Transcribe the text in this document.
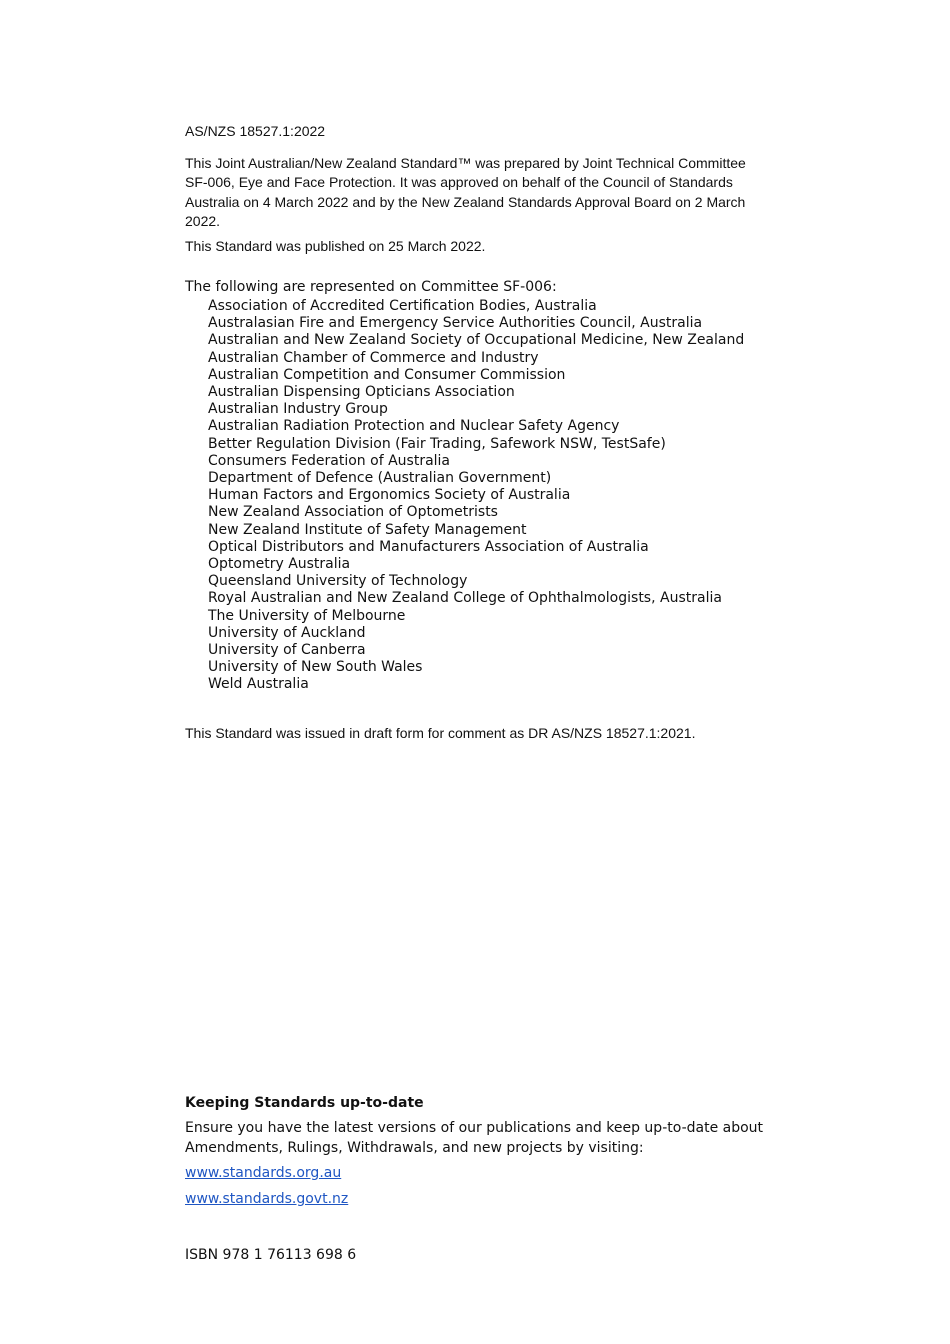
AS/NZS 18527.1:2022

This Joint Australian/New Zealand Standard™ was prepared by Joint Technical Committee SF-006, Eye and Face Protection. It was approved on behalf of the Council of Standards Australia on 4 March 2022 and by the New Zealand Standards Approval Board on 2 March 2022.

This Standard was published on 25 March 2022.

The following are represented on Committee SF-006:

Association of Accredited Certification Bodies, Australia
Australasian Fire and Emergency Service Authorities Council, Australia
Australian and New Zealand Society of Occupational Medicine, New Zealand
Australian Chamber of Commerce and Industry
Australian Competition and Consumer Commission
Australian Dispensing Opticians Association
Australian Industry Group
Australian Radiation Protection and Nuclear Safety Agency
Better Regulation Division (Fair Trading, Safework NSW, TestSafe)
Consumers Federation of Australia
Department of Defence (Australian Government)
Human Factors and Ergonomics Society of Australia
New Zealand Association of Optometrists
New Zealand Institute of Safety Management
Optical Distributors and Manufacturers Association of Australia
Optometry Australia
Queensland University of Technology
Royal Australian and New Zealand College of Ophthalmologists, Australia
The University of Melbourne
University of Auckland
University of Canberra
University of New South Wales
Weld Australia

This Standard was issued in draft form for comment as DR AS/NZS 18527.1:2021.

Keeping Standards up-to-date

Ensure you have the latest versions of our publications and keep up-to-date about Amendments, Rulings, Withdrawals, and new projects by visiting:

www.standards.org.au
www.standards.govt.nz

ISBN 978 1 76113 698 6
